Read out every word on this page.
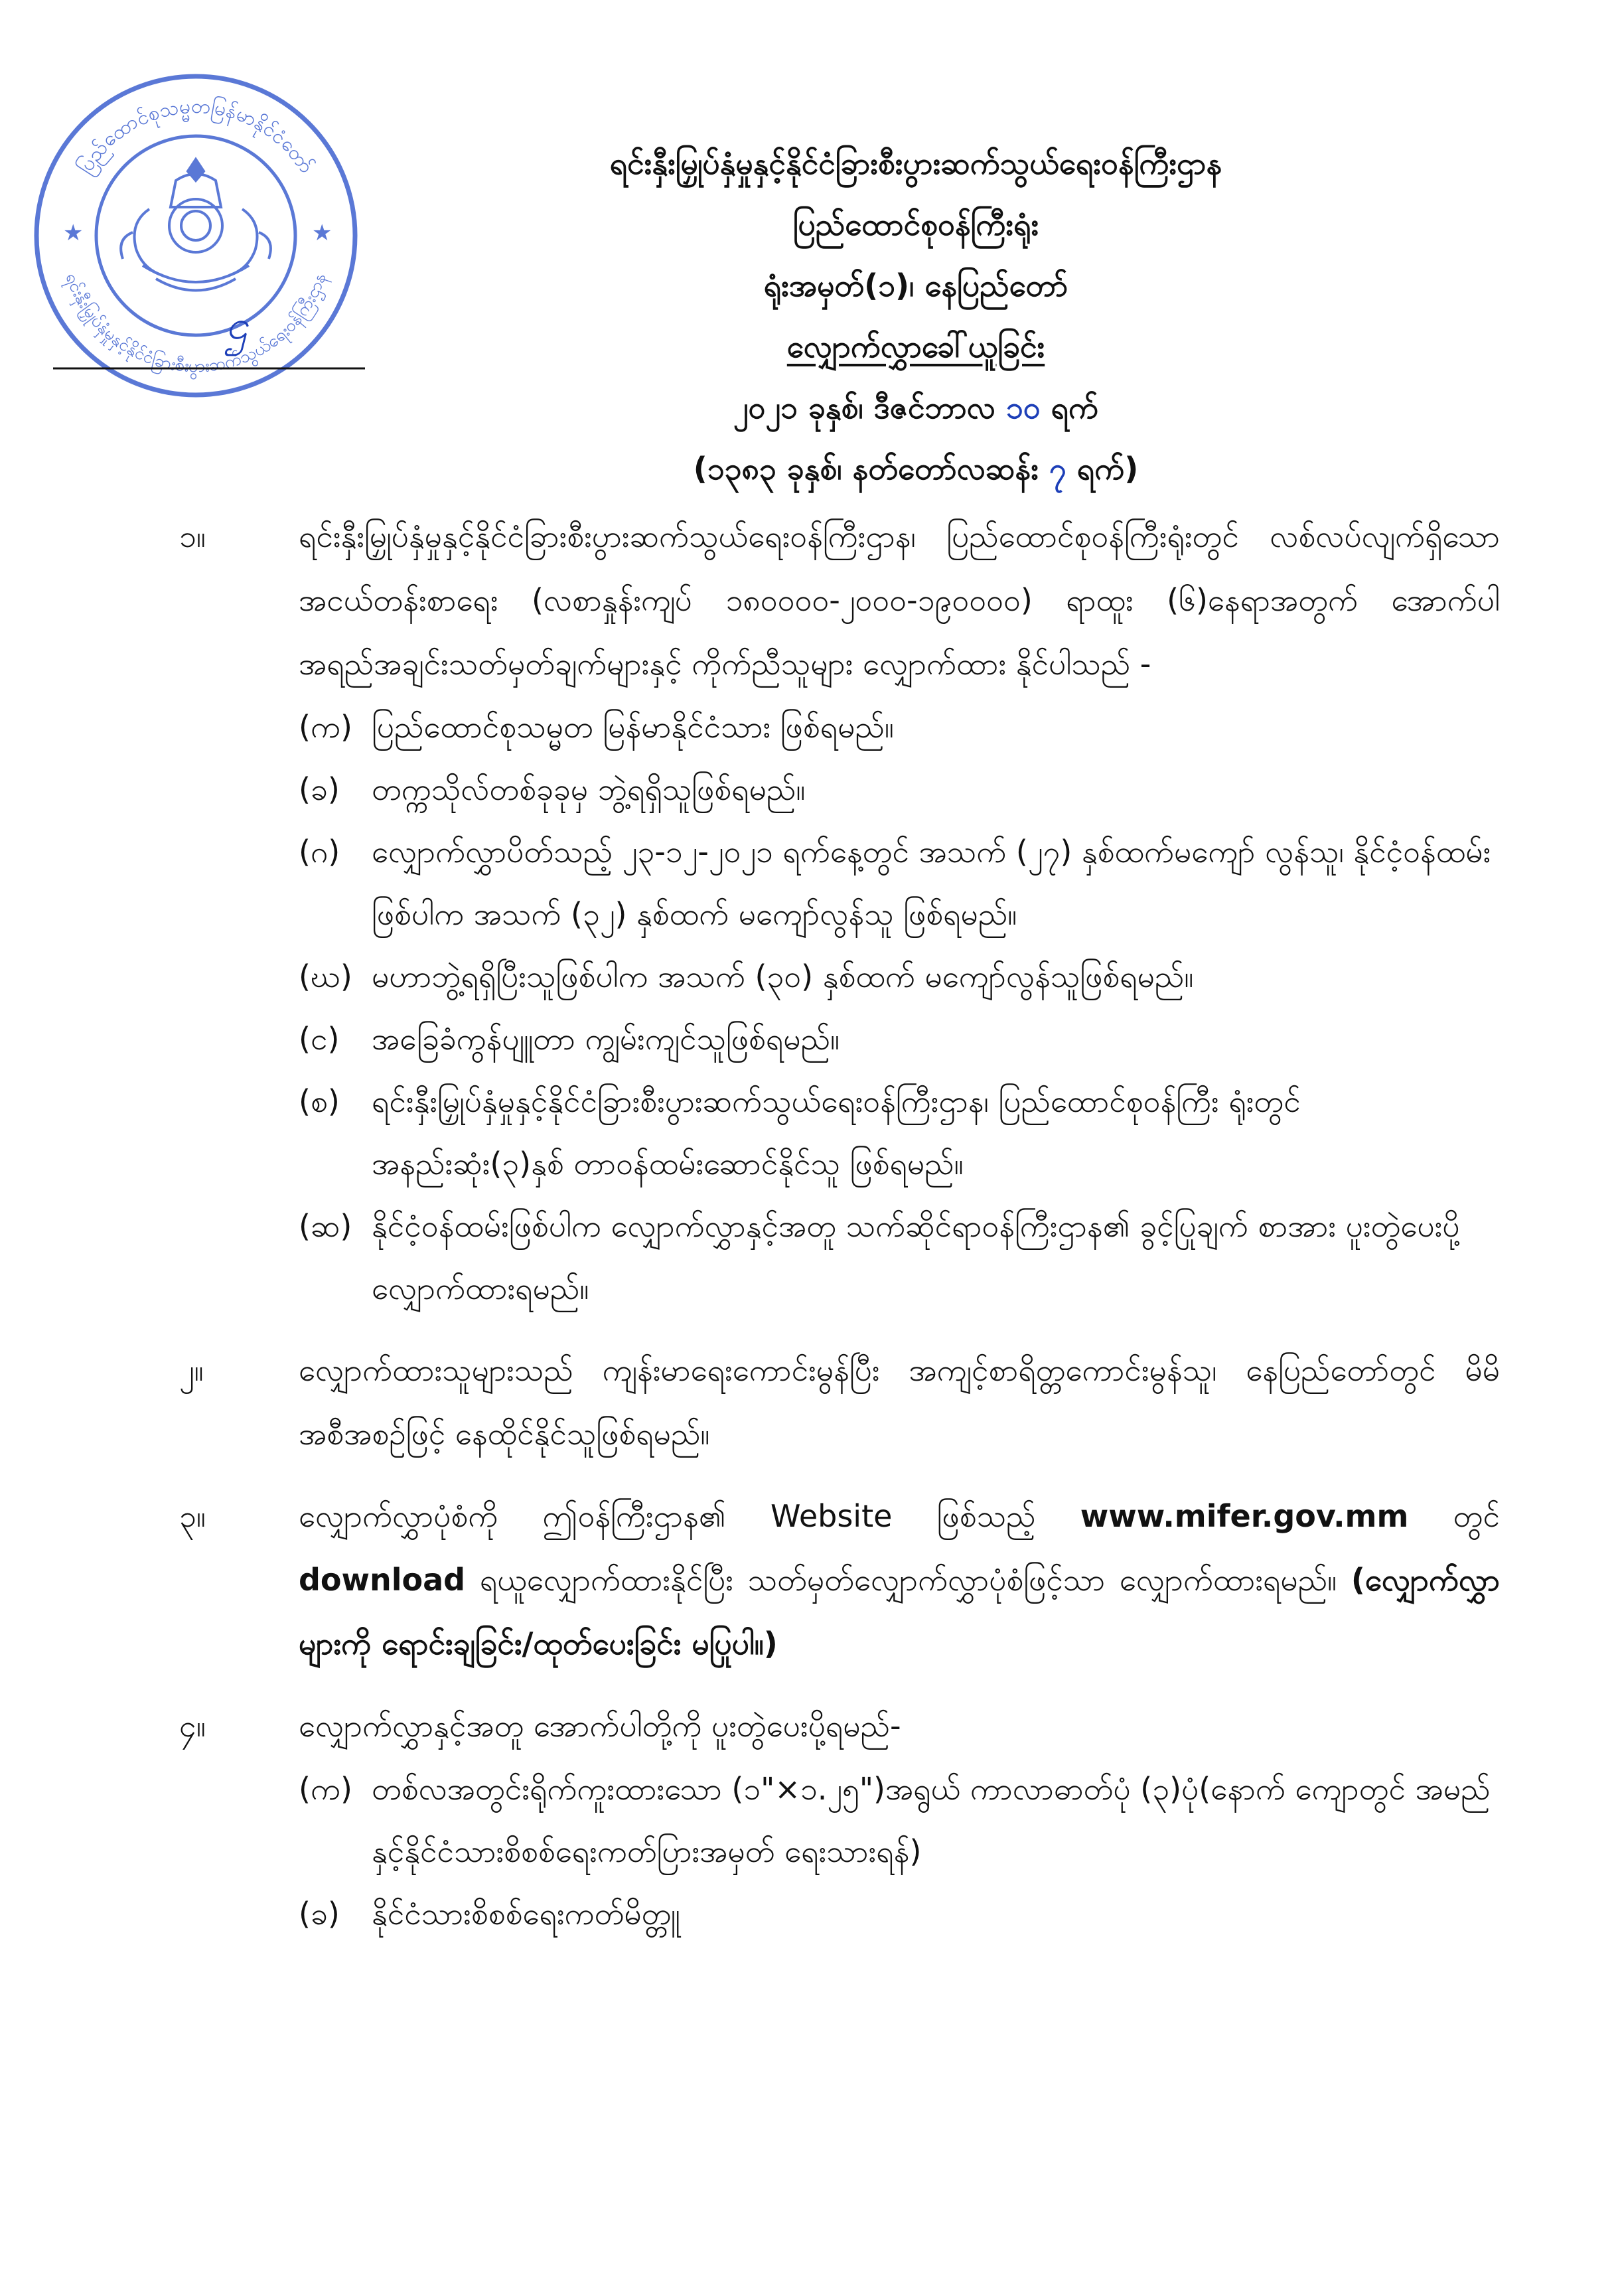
ပြည်ထောင်စုသမ္မတမြန်မာနိုင်ငံတော်
ရင်းနှီးမြှုပ်နှံမှုနှင့်နိုင်ငံခြားစီးပွားဆက်သွယ်ရေးဝန်ကြီးဌာန
★	★
ဌ
ရင်းနှီးမြှုပ်နှံမှုနှင့်နိုင်ငံခြားစီးပွားဆက်သွယ်ရေးဝန်ကြီးဌာန
ပြည်ထောင်စုဝန်ကြီးရုံး
ရုံးအမှတ်(၁)၊ နေပြည်တော်
လျှောက်လွှာခေါ်ယူခြင်း
၂၀၂၁ ခုနှစ်၊ ဒီဇင်ဘာလ ၁၀ ရက်
(၁၃၈၃ ခုနှစ်၊ နတ်တော်လဆန်း ၇ ရက်)
၁။	ရင်းနှီးမြှုပ်နှံမှုနှင့်နိုင်ငံခြားစီးပွားဆက်သွယ်ရေးဝန်ကြီးဌာန၊ ပြည်ထောင်စုဝန်ကြီးရုံးတွင် လစ်လပ်လျက်ရှိသော အငယ်တန်းစာရေး (လစာနှုန်းကျပ် ၁၈၀၀၀၀-၂၀၀၀-၁၉၀၀၀၀) ရာထူး (၆)နေရာအတွက် အောက်ပါအရည်အချင်းသတ်မှတ်ချက်များနှင့် ကိုက်ညီသူများ လျှောက်ထား နိုင်ပါသည် -
(က) ပြည်ထောင်စုသမ္မတ မြန်မာနိုင်ငံသား ဖြစ်ရမည်။
(ခ)	တက္ကသိုလ်တစ်ခုခုမှ ဘွဲ့ရရှိသူဖြစ်ရမည်။
(ဂ)	လျှောက်လွှာပိတ်သည့် ၂၃-၁၂-၂၀၂၁ ရက်နေ့တွင် အသက် (၂၇) နှစ်ထက်မကျော် လွန်သူ၊ နိုင်ငံ့ဝန်ထမ်းဖြစ်ပါက အသက် (၃၂) နှစ်ထက် မကျော်လွန်သူ ဖြစ်ရမည်။
(ဃ) မဟာဘွဲ့ရရှိပြီးသူဖြစ်ပါက အသက် (၃၀) နှစ်ထက် မကျော်လွန်သူဖြစ်ရမည်။
(င)	အခြေခံကွန်ပျူတာ ကျွမ်းကျင်သူဖြစ်ရမည်။
(စ)	ရင်းနှီးမြှုပ်နှံမှုနှင့်နိုင်ငံခြားစီးပွားဆက်သွယ်ရေးဝန်ကြီးဌာန၊ ပြည်ထောင်စုဝန်ကြီး ရုံးတွင် အနည်းဆုံး(၃)နှစ် တာဝန်ထမ်းဆောင်နိုင်သူ ဖြစ်ရမည်။
(ဆ) နိုင်ငံ့ဝန်ထမ်းဖြစ်ပါက လျှောက်လွှာနှင့်အတူ သက်ဆိုင်ရာဝန်ကြီးဌာန၏ ခွင့်ပြုချက် စာအား ပူးတွဲပေးပို့ လျှောက်ထားရမည်။
၂။	လျှောက်ထားသူများသည် ကျန်းမာရေးကောင်းမွန်ပြီး အကျင့်စာရိတ္တကောင်းမွန်သူ၊ နေပြည်တော်တွင် မိမိအစီအစဉ်ဖြင့် နေထိုင်နိုင်သူဖြစ်ရမည်။
၃။	လျှောက်လွှာပုံစံကို ဤဝန်ကြီးဌာန၏ Website ဖြစ်သည့် www.mifer.gov.mm တွင် download ရယူလျှောက်ထားနိုင်ပြီး သတ်မှတ်လျှောက်လွှာပုံစံဖြင့်သာ လျှောက်ထားရမည်။ (လျှောက်လွှာများကို ရောင်းချခြင်း/ထုတ်ပေးခြင်း မပြုပါ။)
၄။	လျှောက်လွှာနှင့်အတူ အောက်ပါတို့ကို ပူးတွဲပေးပို့ရမည်-
(က) တစ်လအတွင်းရိုက်ကူးထားသော (၁"×၁.၂၅")အရွယ် ကာလာဓာတ်ပုံ (၃)ပုံ(နောက် ကျောတွင် အမည်နှင့်နိုင်ငံသားစိစစ်ရေးကတ်ပြားအမှတ် ရေးသားရန်)
(ခ)	နိုင်ငံသားစိစစ်ရေးကတ်မိတ္တူ
